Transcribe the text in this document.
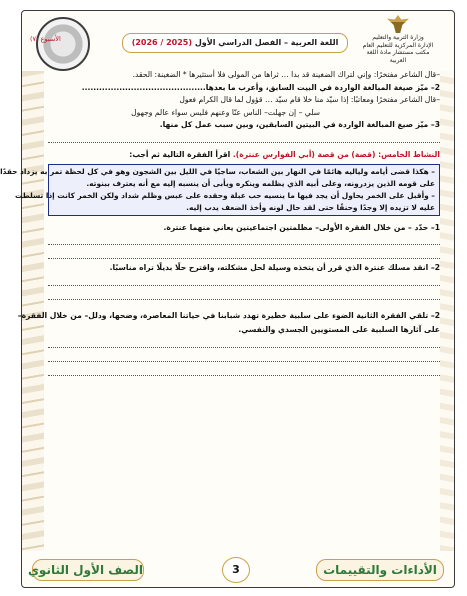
الأسبوع (٧)	اللغة العربية – الفصل الدراسي الأول (2025 / 2026)
وزارة التربية والتعليم
الإدارة المركزية للتعليم العام
مكتب مستشار مادة اللغة العربية
–قال الشاعر مفتخرًا: وإني لتراك الضغينة قد بدا … ثراها من المولى فلا أستثيرها * الضغينة: الحقد.
2– ميّز صيغة المبالغة الواردة في البيت السابق، وأعرب ما بعدها...........................................
–قال الشاعر مفتخرًا ومعاتبًا: إذا سيّد منا خلا قام سيّد … قؤول لما قال الكرام فعول
سلي – إن جهلت– الناس عنّا وعنهم فليس سواء عالم وجهول
3– ميّز صيغ المبالغة الواردة في البيتين السابقين، وبين سبب عمل كل منها.
النشاط الخامس: (قصة) من قصة (أبي الفوارس عنترة). اقرأ الفقرة التالية ثم أجب:
– هكذا قضى أيامه ولياليه هائمًا في النهار بين الشعاب، ساجيًا في الليل بين الشجون وهو في كل لحظة تمر به يزداد حقدًا
على قومه الذين يزدرونه، وعلى أبيه الذي يظلمه وينكره ويأبى أن ينسبه إليه مع أنه يعترف ببنوته.
– وأقبل على الخمر يحاول أن يجد فيها ما ينسيه حب عبلة وحقده على عبس وظلم شداد ولكن الخمر كانت إذا تسلطت
عليه لا تزيده إلا وجدًا وحنقًا حتى لقد حال لونه وأخذ الضعف يدب إليه.
1– حدّد – من خلال الفقرة الأولى– مظلمتين اجتماعيتين يعاني منهما عنترة.
2– انقد مسلك عنترة الذي قرر أن يتخذه وسيلة لحل مشكلته، واقترح حلًا بديلًا تراه مناسبًا.
2– تلقي الفقرة الثانية الضوء على سلبية خطيرة تهدد شبابنا في حياتنا المعاصرة، وضحها، ودلل– من خلال الفقرة–
على آثارها السلبية على المستويين الجسدي والنفسي.
الأداءات والتقييمات
3
الصف الأول الثانوي
